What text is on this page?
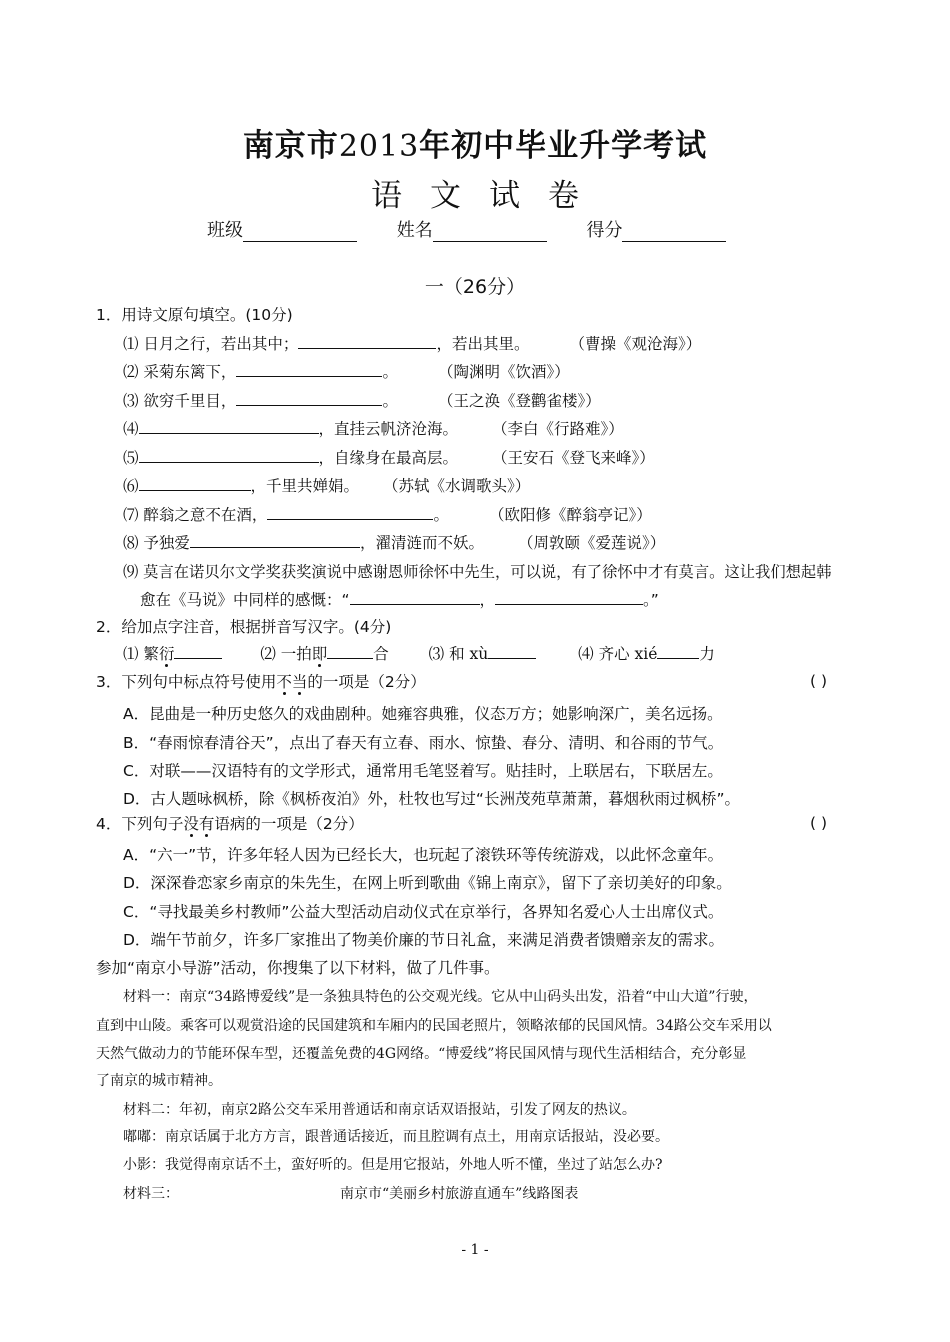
南京市2013年初中毕业升学考试
语文试卷
班级	姓名	得分
一（26分）
1．用诗文原句填空。(10分)
⑴ 日月之行，若出其中；	，若出其里。	（曹操《观沧海》）
⑵ 采菊东篱下，	。	（陶渊明《饮酒》）
⑶ 欲穷千里目，	。	（王之涣《登鹳雀楼》）
⑷	，直挂云帆济沧海。 （李白《行路难》）
⑸	，自缘身在最高层。 （王安石《登飞来峰》）
⑹	，千里共婵娟。 （苏轼《水调歌头》）
⑺ 醉翁之意不在酒，	。	（欧阳修《醉翁亭记》）
⑻ 予独爱	，濯清涟而不妖。 （周敦颐《爱莲说》）
⑼ 莫言在诺贝尔文学奖获奖演说中感谢恩师徐怀中先生，可以说，有了徐怀中才有莫言。这让我们想起韩
愈在《马说》中同样的感慨：“	，	。”
2．给加点字注音，根据拼音写汉字。(4分)
⑴ 繁衍	⑵ 一拍即	合	⑶ 和 xù	⑷ 齐心 xié	力
3．下列句中标点符号使用不当的一项是（2分）	( )
A．昆曲是一种历史悠久的戏曲剧种。她雍容典雅，仪态万方；她影响深广，美名远扬。
B．“春雨惊春清谷天”，点出了春天有立春、雨水、惊蛰、春分、清明、和谷雨的节气。
C．对联——汉语特有的文学形式，通常用毛笔竖着写。贴挂时，上联居右，下联居左。
D．古人题咏枫桥，除《枫桥夜泊》外，杜牧也写过“长洲茂苑草萧萧，暮烟秋雨过枫桥”。
4．下列句子没有语病的一项是（2分）	( )
A．“六一”节，许多年轻人因为已经长大，也玩起了滚铁环等传统游戏，以此怀念童年。
D．深深眷恋家乡南京的朱先生，在网上听到歌曲《锦上南京》，留下了亲切美好的印象。
C．“寻找最美乡村教师”公益大型活动启动仪式在京举行，各界知名爱心人士出席仪式。
D．端午节前夕，许多厂家推出了物美价廉的节日礼盒，来满足消费者馈赠亲友的需求。
参加“南京小导游”活动，你搜集了以下材料，做了几件事。
材料一：南京“34路博爱线”是一条独具特色的公交观光线。它从中山码头出发，沿着“中山大道”行驶，
直到中山陵。乘客可以观赏沿途的民国建筑和车厢内的民国老照片，领略浓郁的民国风情。34路公交车采用以
天然气做动力的节能环保车型，还覆盖免费的4G网络。“博爱线”将民国风情与现代生活相结合，充分彰显
了南京的城市精神。
材料二：年初，南京2路公交车采用普通话和南京话双语报站，引发了网友的热议。
嘟嘟：南京话属于北方方言，跟普通话接近，而且腔调有点土，用南京话报站，没必要。
小影：我觉得南京话不土，蛮好听的。但是用它报站，外地人听不懂，坐过了站怎么办?
材料三：	南京市“美丽乡村旅游直通车”线路图表
- 1 -
